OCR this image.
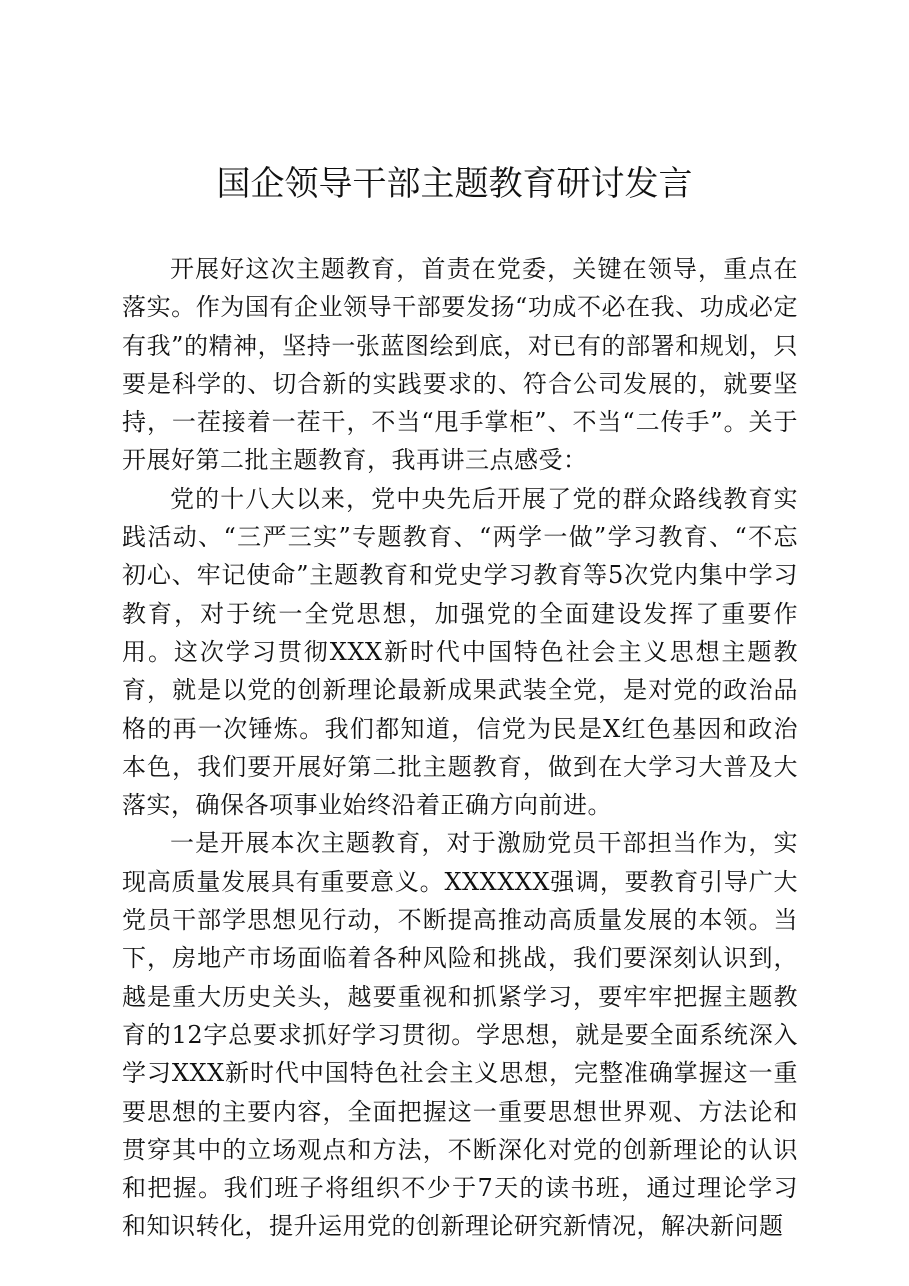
国企领导干部主题教育研讨发言

开展好这次主题教育，首责在党委，关键在领导，重点在落实。作为国有企业领导干部要发扬“功成不必在我、功成必定有我”的精神，坚持一张蓝图绘到底，对已有的部署和规划，只要是科学的、切合新的实践要求的、符合公司发展的，就要坚持，一茬接着一茬干，不当“甩手掌柜”、不当“二传手”。关于开展好第二批主题教育，我再讲三点感受：

党的十八大以来，党中央先后开展了党的群众路线教育实践活动、“三严三实”专题教育、“两学一做”学习教育、“不忘初心、牢记使命”主题教育和党史学习教育等5次党内集中学习教育，对于统一全党思想，加强党的全面建设发挥了重要作用。这次学习贯彻XXX新时代中国特色社会主义思想主题教育，就是以党的创新理论最新成果武装全党，是对党的政治品格的再一次锤炼。我们都知道，信党为民是X红色基因和政治本色，我们要开展好第二批主题教育，做到在大学习大普及大落实，确保各项事业始终沿着正确方向前进。

一是开展本次主题教育，对于激励党员干部担当作为，实现高质量发展具有重要意义。XXXXXX强调，要教育引导广大党员干部学思想见行动，不断提高推动高质量发展的本领。当下，房地产市场面临着各种风险和挑战，我们要深刻认识到，越是重大历史关头，越要重视和抓紧学习，要牢牢把握主题教育的12字总要求抓好学习贯彻。学思想，就是要全面系统深入学习XXX新时代中国特色社会主义思想，完整准确掌握这一重要思想的主要内容，全面把握这一重要思想世界观、方法论和贯穿其中的立场观点和方法，不断深化对党的创新理论的认识和把握。我们班子将组织不少于7天的读书班，通过理论学习和知识转化，提升运用党的创新理论研究新情况，解决新问题
